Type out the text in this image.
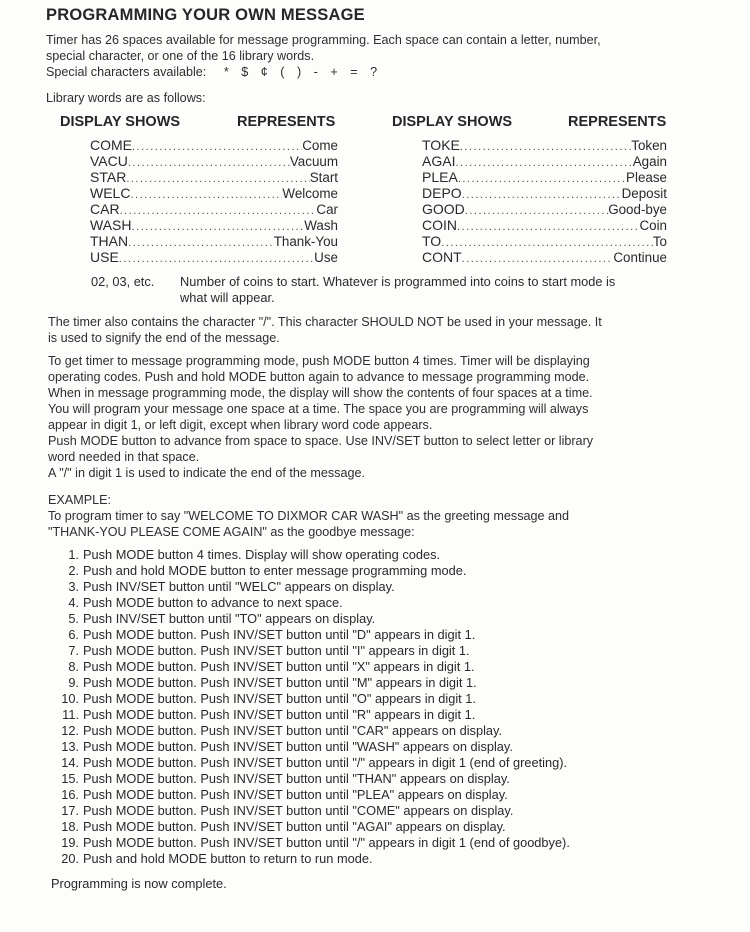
PROGRAMMING YOUR OWN MESSAGE
Timer has 26 spaces available for message programming. Each space can contain a letter, number,
special character, or one of the 16 library words.
Special characters available: * $ ¢ ( ) - + = ?
Library words are as follows:
DISPLAY SHOWS	REPRESENTS	DISPLAY SHOWS	REPRESENTS
COME .....	Come
VACU .....	Vacuum
STAR .....	Start
WELC .....	Welcome
CAR .....	Car
WASH .....	Wash
THAN .....	Thank-You
USE .....	Use
TOKE .....	Token
AGAI .....	Again
PLEA .....	Please
DEPO .....	Deposit
GOOD .....	Good-bye
COIN .....	Coin
TO .....	To
CONT .....	Continue
02, 03, etc. Number of coins to start. Whatever is programmed into coins to start mode is
what will appear.
The timer also contains the character "/". This character SHOULD NOT be used in your message. It
is used to signify the end of the message.
To get timer to message programming mode, push MODE button 4 times. Timer will be displaying
operating codes. Push and hold MODE button again to advance to message programming mode.
When in message programming mode, the display will show the contents of four spaces at a time.
You will program your message one space at a time. The space you are programming will always
appear in digit 1, or left digit, except when library word code appears.
Push MODE button to advance from space to space. Use INV/SET button to select letter or library
word needed in that space.
A "/" in digit 1 is used to indicate the end of the message.
EXAMPLE:
To program timer to say "WELCOME TO DIXMOR CAR WASH" as the greeting message and
"THANK-YOU PLEASE COME AGAIN" as the goodbye message:
1. Push MODE button 4 times. Display will show operating codes.
2. Push and hold MODE button to enter message programming mode.
3. Push INV/SET button until "WELC" appears on display.
4. Push MODE button to advance to next space.
5. Push INV/SET button until "TO" appears on display.
6. Push MODE button. Push INV/SET button until "D" appears in digit 1.
7. Push MODE button. Push INV/SET button until "I" appears in digit 1.
8. Push MODE button. Push INV/SET button until "X" appears in digit 1.
9. Push MODE button. Push INV/SET button until "M" appears in digit 1.
10. Push MODE button. Push INV/SET button until "O" appears in digit 1.
11. Push MODE button. Push INV/SET button until "R" appears in digit 1.
12. Push MODE button. Push INV/SET button until "CAR" appears on display.
13. Push MODE button. Push INV/SET button until "WASH" appears on display.
14. Push MODE button. Push INV/SET button until "/" appears in digit 1 (end of greeting).
15. Push MODE button. Push INV/SET button until "THAN" appears on display.
16. Push MODE button. Push INV/SET button until "PLEA" appears on display.
17. Push MODE button. Push INV/SET button until "COME" appears on display.
18. Push MODE button. Push INV/SET button until "AGAI" appears on display.
19. Push MODE button. Push INV/SET button until "/" appears in digit 1 (end of goodbye).
20. Push and hold MODE button to return to run mode.
Programming is now complete.
